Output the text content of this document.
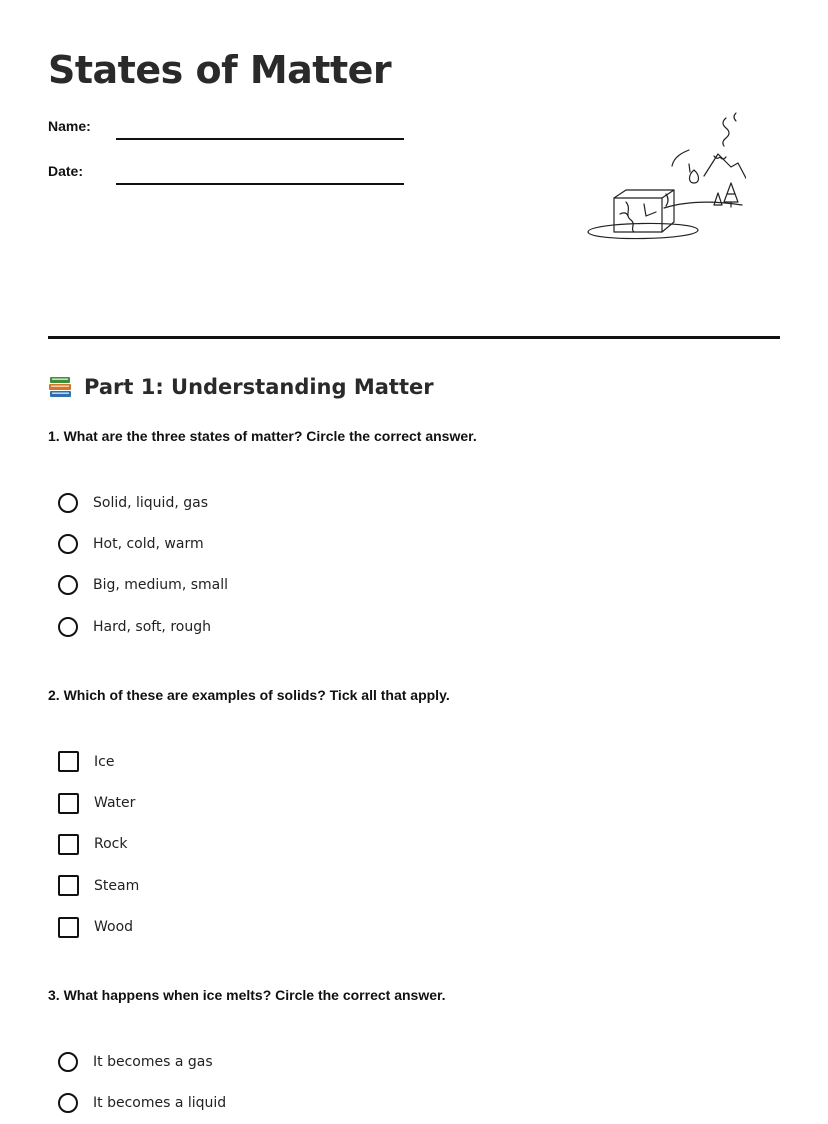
States of Matter
Name:
Date:
Part 1: Understanding Matter

1. What are the three states of matter? Circle the correct answer.

Solid, liquid, gas
Hot, cold, warm
Big, medium, small
Hard, soft, rough

2. Which of these are examples of solids? Tick all that apply.

Ice
Water
Rock
Steam
Wood

3. What happens when ice melts? Circle the correct answer.

It becomes a gas
It becomes a liquid
